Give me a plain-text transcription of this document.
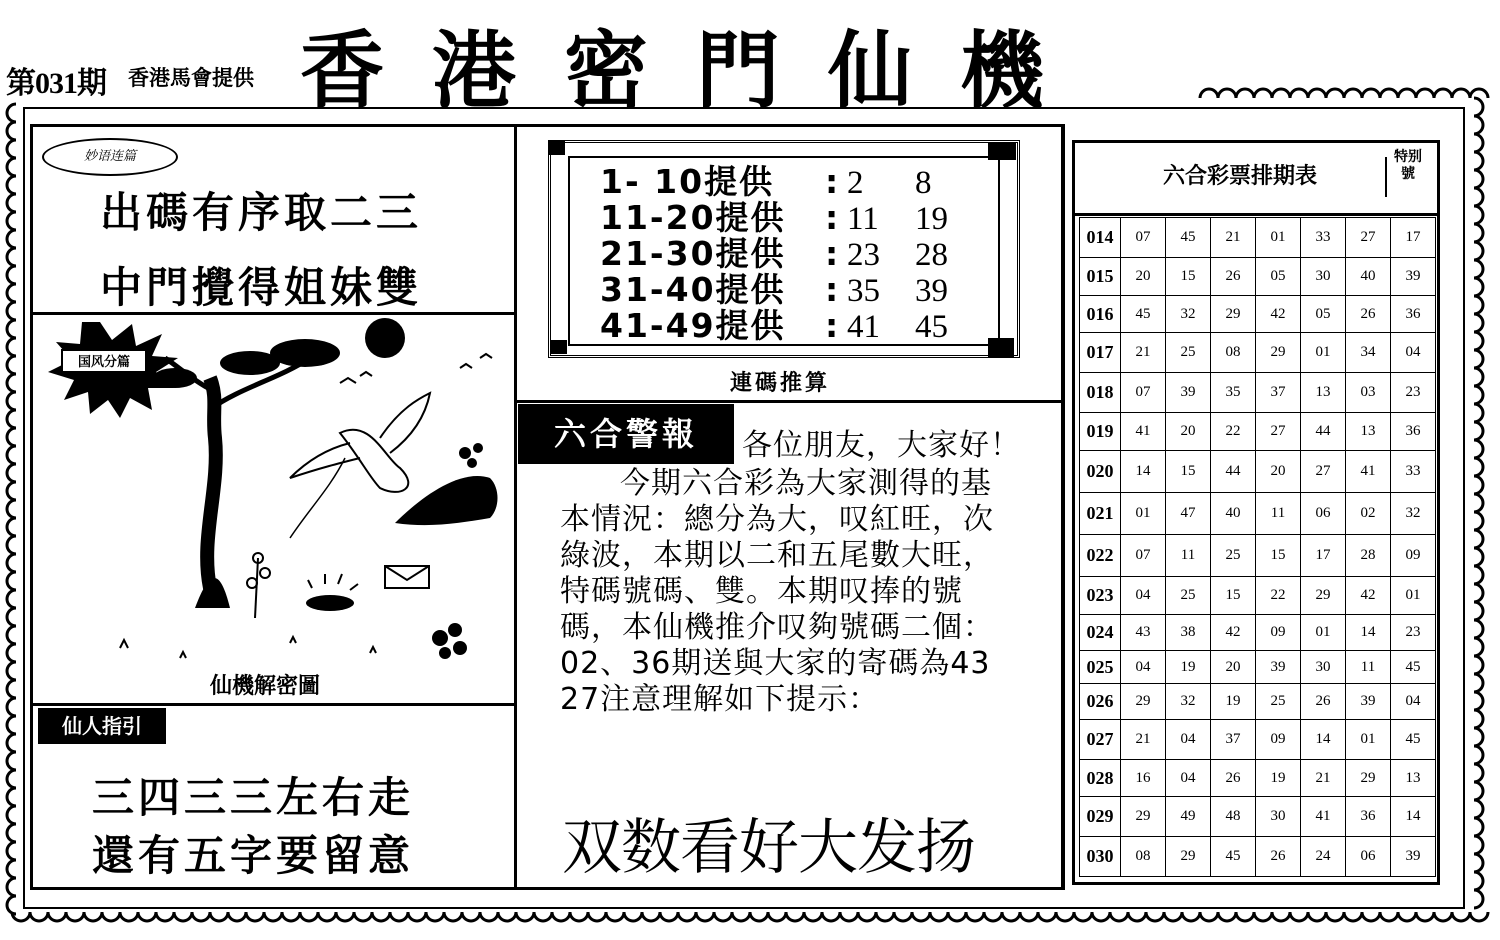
第031期 香港馬會提供 香港密門仙機
妙语连篇
出碼有序取二三
中門攪得姐妹雙
国风分篇
仙機解密圖
仙人指引
三四三三左右走
還有五字要留意
1- 10提供 : 2 8
11-20提供 : 11 19
21-30提供 : 23 28
31-40提供 : 35 39
41-49提供 : 41 45
連碼推算
六合警報	各位朋友，大家好！
今期六合彩為大家測得的基
本情況：總分為大，叹紅旺，次
綠波，本期以二和五尾數大旺，
特碼號碼、雙。本期叹捧的號
碼，本仙機推介叹夠號碼二個：
02、36期送與大家的寄碼為43
27注意理解如下提示：
双数看好大发扬
六合彩票排期表
特别號
014	07	45	21	01	33	27	17
015	20	15	26	05	30	40	39
016	45	32	29	42	05	26	36
017	21	25	08	29	01	34	04
018	07	39	35	37	13	03	23
019	41	20	22	27	44	13	36
020	14	15	44	20	27	41	33
021	01	47	40	11	06	02	32
022	07	11	25	15	17	28	09
023	04	25	15	22	29	42	01
024	43	38	42	09	01	14	23
025	04	19	20	39	30	11	45
026	29	32	19	25	26	39	04
027	21	04	37	09	14	01	45
028	16	04	26	19	21	29	13
029	29	49	48	30	41	36	14
030	08	29	45	26	24	06	39
